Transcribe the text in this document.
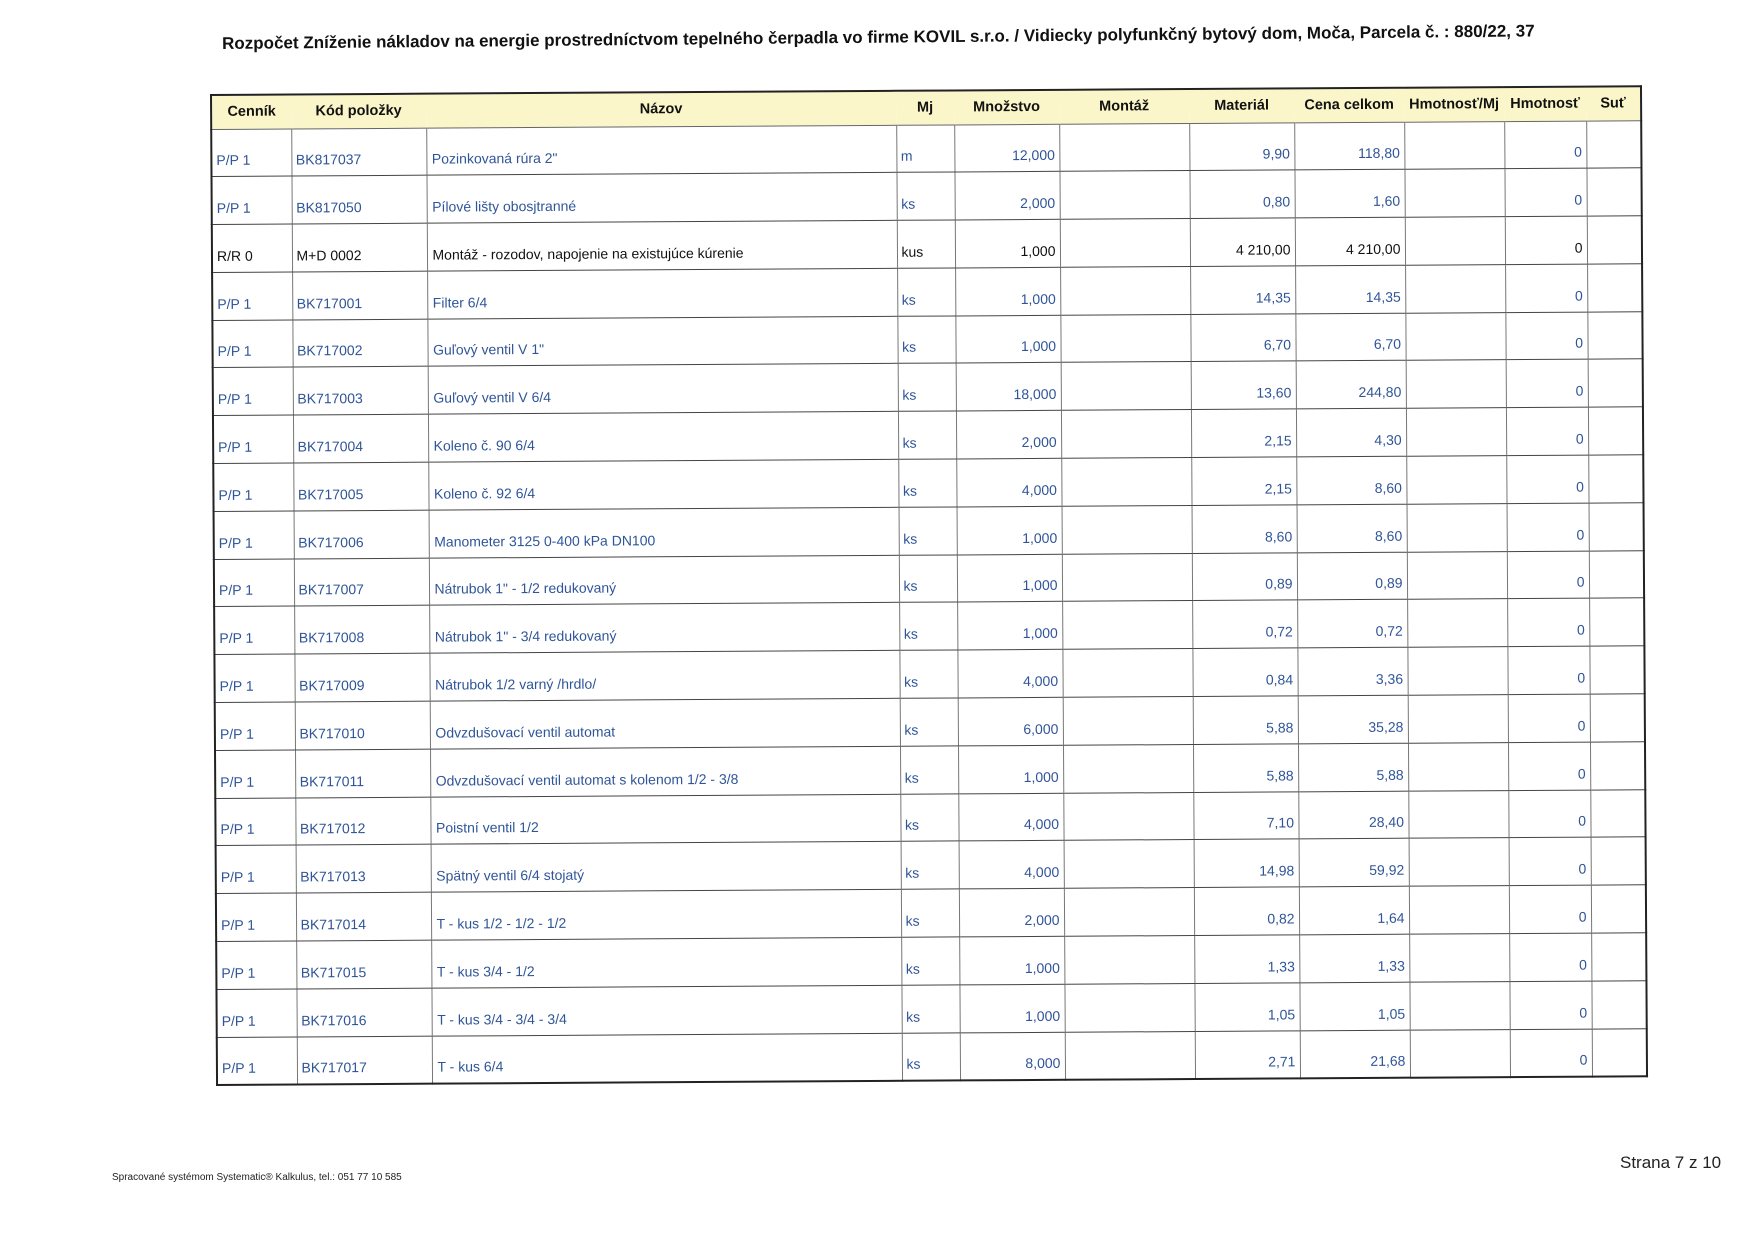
Rozpočet Zníženie nákladov na energie prostredníctvom tepelného čerpadla vo firme KOVIL s.r.o. / Vidiecky polyfunkčný bytový dom, Moča, Parcela č. : 880/22, 37
Cenník	Kód položky	Názov	Mj	Množstvo	Montáž	Materiál	Cena celkom	Hmotnosť/Mj	Hmotnosť	Suť
P/P 1	BK817037	Pozinkovaná rúra 2"	m	12,000		9,90	118,80		0	
P/P 1	BK817050	Pílové lišty obosjtranné	ks	2,000		0,80	1,60		0	
R/R 0	M+D 0002	Montáž - rozodov, napojenie na existujúce kúrenie	kus	1,000		4 210,00	4 210,00		0	
P/P 1	BK717001	Filter 6/4	ks	1,000		14,35	14,35		0	
P/P 1	BK717002	Guľový ventil V 1"	ks	1,000		6,70	6,70		0	
P/P 1	BK717003	Guľový ventil V 6/4	ks	18,000		13,60	244,80		0	
P/P 1	BK717004	Koleno č. 90 6/4	ks	2,000		2,15	4,30		0	
P/P 1	BK717005	Koleno č. 92 6/4	ks	4,000		2,15	8,60		0	
P/P 1	BK717006	Manometer 3125 0-400 kPa DN100	ks	1,000		8,60	8,60		0	
P/P 1	BK717007	Nátrubok 1" - 1/2 redukovaný	ks	1,000		0,89	0,89		0	
P/P 1	BK717008	Nátrubok 1" - 3/4 redukovaný	ks	1,000		0,72	0,72		0	
P/P 1	BK717009	Nátrubok 1/2 varný /hrdlo/	ks	4,000		0,84	3,36		0	
P/P 1	BK717010	Odvzdušovací ventil automat	ks	6,000		5,88	35,28		0	
P/P 1	BK717011	Odvzdušovací ventil automat s kolenom 1/2 - 3/8	ks	1,000		5,88	5,88		0	
P/P 1	BK717012	Poistní ventil 1/2	ks	4,000		7,10	28,40		0	
P/P 1	BK717013	Spätný ventil 6/4 stojatý	ks	4,000		14,98	59,92		0	
P/P 1	BK717014	T - kus 1/2 - 1/2 - 1/2	ks	2,000		0,82	1,64		0	
P/P 1	BK717015	T - kus 3/4 - 1/2	ks	1,000		1,33	1,33		0	
P/P 1	BK717016	T - kus 3/4 - 3/4 - 3/4	ks	1,000		1,05	1,05		0	
P/P 1	BK717017	T - kus 6/4	ks	8,000		2,71	21,68		0	
Spracované systémom Systematic® Kalkulus, tel.: 051 77 10 585
Strana 7 z 10
